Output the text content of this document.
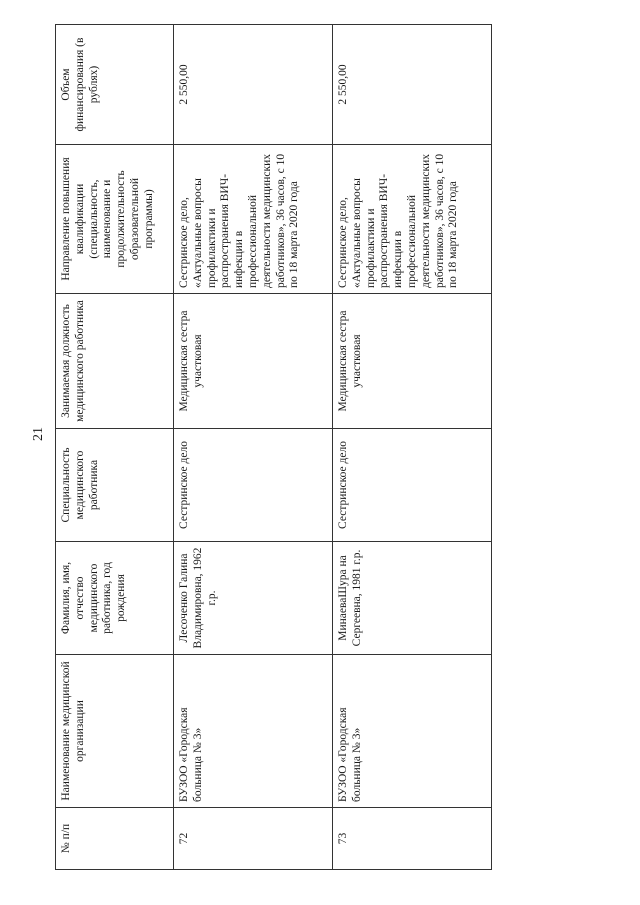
21
№ п/п	Наименование медицинской организации	Фамилия, имя, отчество медицинского работника, год рождения	Специальность медицинского работника	Занимаемая должность медицинского работника	Направление повышения квалификации (специальность, наименование и продолжительность образовательной программы)	Объем финансирования (в рублях)
72	БУЗОО «Городская больница № 3»	Лесоченко Галина Владимировна, 1962 г.р.	Сестринское дело	Медицинская сестра участковая	Сестринское дело, «Актуальные вопросы профилактики и распространения ВИЧ-инфекции в профессиональной деятельности медицинских работников», 36 часов, с 10 по 18 марта 2020 года	2 550,00
73	БУЗОО «Городская больница № 3»	МинаеваШура на Сергеевна, 1981 г.р.	Сестринское дело	Медицинская сестра участковая	Сестринское дело, «Актуальные вопросы профилактики и распространения ВИЧ-инфекции в профессиональной деятельности медицинских работников», 36 часов, с 10 по 18 марта 2020 года	2 550,00
